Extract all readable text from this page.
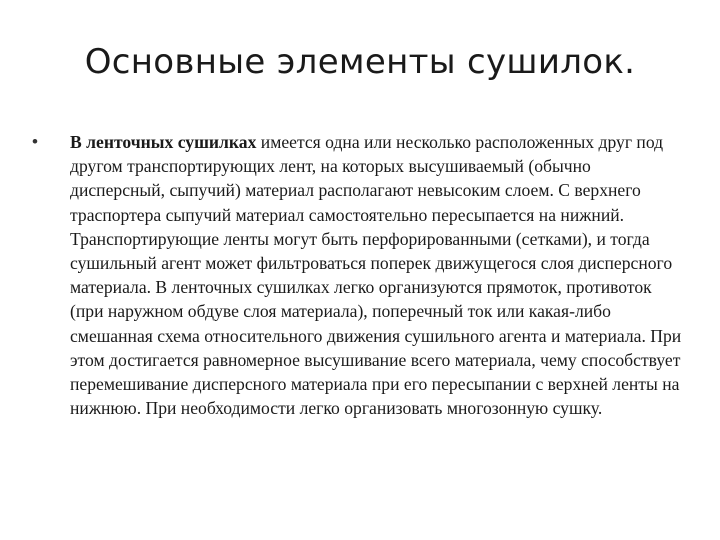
Основные элементы сушилок.
• В ленточных сушилках имеется одна или несколько расположенных друг под другом транспортирующих лент, на которых высушиваемый (обычно дисперсный, сыпучий) материал располагают невысоким слоем. С верхнего траспортера сыпучий материал самостоятельно пересыпается на нижний. Транспортирующие ленты могут быть перфорированными (сетками), и тогда сушильный агент может фильтроваться поперек движущегося слоя дисперсного материала. В ленточных сушилках легко организуются прямоток, противоток (при наружном обдуве слоя материала), поперечный ток или какая-либо смешанная схема относительного движения сушильного агента и материала. При этом достигается равномерное высушивание всего материала, чему способствует перемешивание дисперсного материала при его пересыпании с верхней ленты на нижнюю. При необходимости легко организовать многозонную сушку.
